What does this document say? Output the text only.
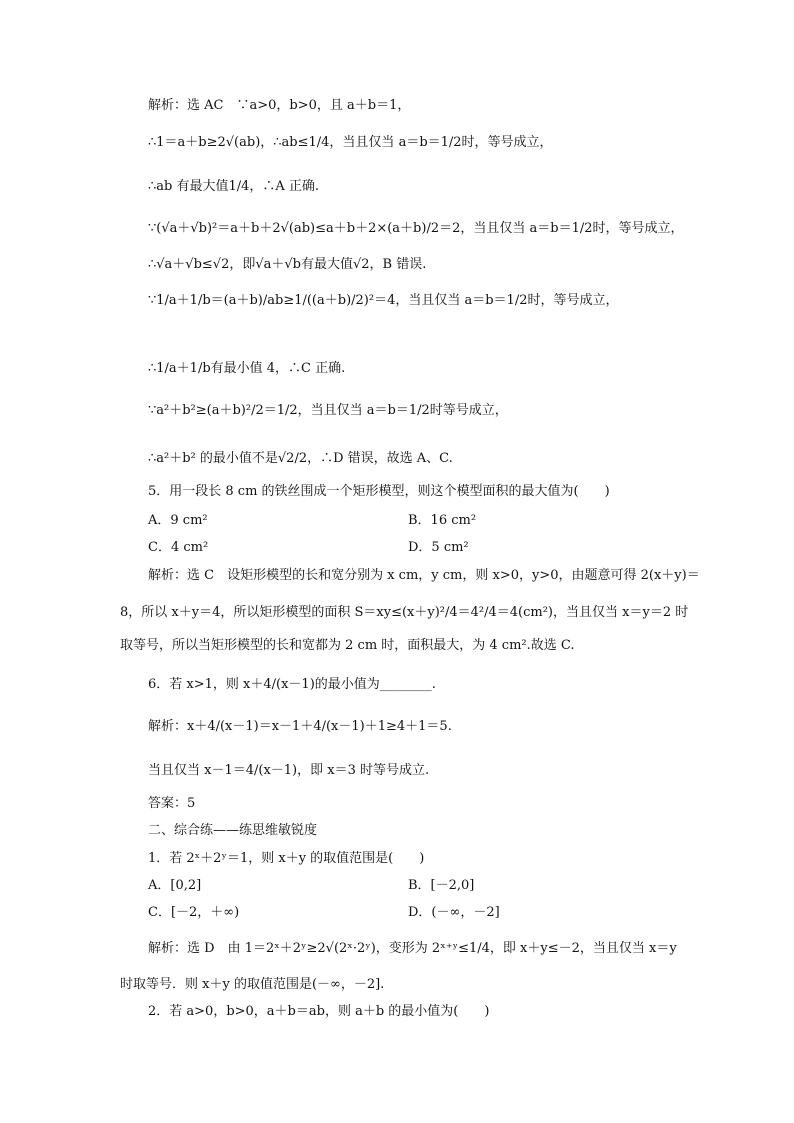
解析：选 AC　∵a>0，b>0，且 a＋b＝1，
∴1＝a＋b≥2√(ab)，∴ab≤1/4，当且仅当 a＝b＝1/2时，等号成立，
∴ab 有最大值1/4，∴A 正确.
∵(√a＋√b)²＝a＋b＋2√(ab)≤a＋b＋2×(a＋b)/2＝2，当且仅当 a＝b＝1/2时，等号成立，
∴√a＋√b≤√2，即√a＋√b有最大值√2，B 错误.
∵1/a＋1/b＝(a＋b)/ab≥1/((a＋b)/2)²＝4，当且仅当 a＝b＝1/2时，等号成立，
∴1/a＋1/b有最小值 4，∴C 正确.
∵a²＋b²≥(a＋b)²/2＝1/2，当且仅当 a＝b＝1/2时等号成立，
∴a²＋b² 的最小值不是√2/2，∴D 错误，故选 A、C.
5．用一段长 8 cm 的铁丝围成一个矩形模型，则这个模型面积的最大值为(　　)
A．9 cm²	B．16 cm²
C．4 cm²	D．5 cm²
解析：选 C　设矩形模型的长和宽分别为 x cm，y cm，则 x>0，y>0，由题意可得 2(x＋y)＝
8，所以 x＋y＝4，所以矩形模型的面积 S＝xy≤(x＋y)²/4＝4²/4＝4(cm²)，当且仅当 x＝y＝2 时
取等号，所以当矩形模型的长和宽都为 2 cm 时，面积最大，为 4 cm².故选 C.
6．若 x>1，则 x＋4/(x－1)的最小值为________.
解析：x＋4/(x－1)＝x－1＋4/(x－1)＋1≥4＋1＝5.
当且仅当 x－1＝4/(x－1)，即 x＝3 时等号成立.
答案：5
二、综合练——练思维敏锐度
1．若 2ˣ＋2ʸ＝1，则 x＋y 的取值范围是(　　)
A．[0,2]	B．[－2,0]
C．[－2，＋∞)	D．(－∞，－2]
解析：选 D　由 1＝2ˣ＋2ʸ≥2√(2ˣ·2ʸ)，变形为 2ˣ⁺ʸ≤1/4，即 x＋y≤－2，当且仅当 x＝y
时取等号．则 x＋y 的取值范围是(－∞，－2].
2．若 a>0，b>0，a＋b＝ab，则 a＋b 的最小值为(　　)
